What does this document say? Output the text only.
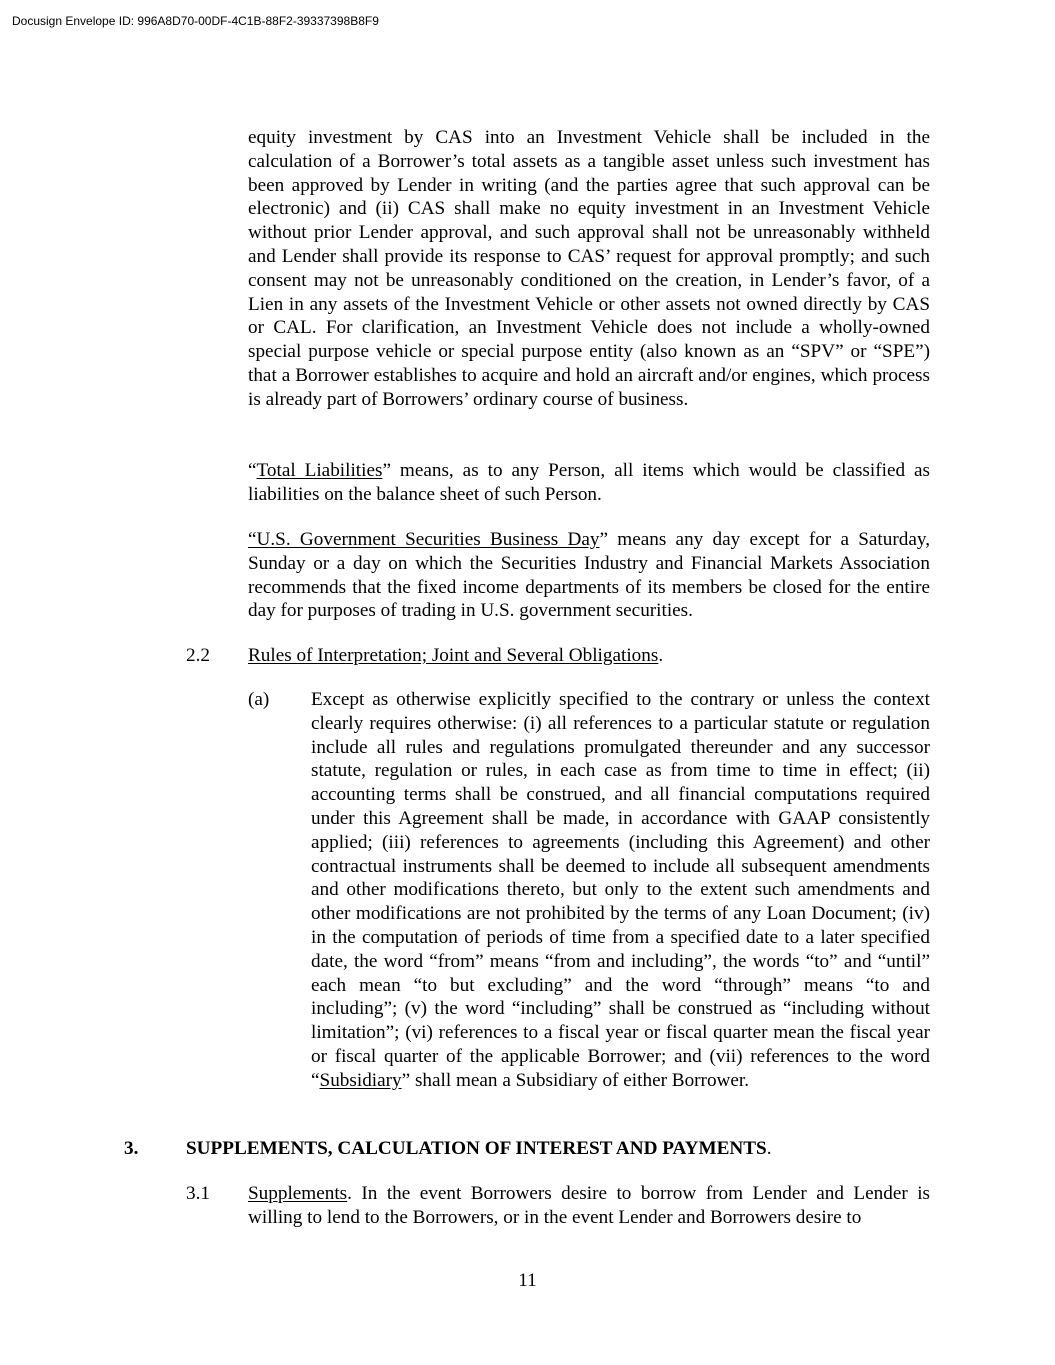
Docusign Envelope ID: 996A8D70-00DF-4C1B-88F2-39337398B8F9

equity investment by CAS into an Investment Vehicle shall be included in the calculation of a Borrower’s total assets as a tangible asset unless such investment has been approved by Lender in writing (and the parties agree that such approval can be electronic) and (ii) CAS shall make no equity investment in an Investment Vehicle without prior Lender approval, and such approval shall not be unreasonably withheld and Lender shall provide its response to CAS’ request for approval promptly; and such consent may not be unreasonably conditioned on the creation, in Lender’s favor, of a Lien in any assets of the Investment Vehicle or other assets not owned directly by CAS or CAL. For clarification, an Investment Vehicle does not include a wholly-owned special purpose vehicle or special purpose entity (also known as an “SPV” or “SPE”) that a Borrower establishes to acquire and hold an aircraft and/or engines, which process is already part of Borrowers’ ordinary course of business.

“Total Liabilities” means, as to any Person, all items which would be classified as liabilities on the balance sheet of such Person.

“U.S. Government Securities Business Day” means any day except for a Saturday, Sunday or a day on which the Securities Industry and Financial Markets Association recommends that the fixed income departments of its members be closed for the entire day for purposes of trading in U.S. government securities.

2.2 Rules of Interpretation; Joint and Several Obligations.

(a) Except as otherwise explicitly specified to the contrary or unless the context clearly requires otherwise: (i) all references to a particular statute or regulation include all rules and regulations promulgated thereunder and any successor statute, regulation or rules, in each case as from time to time in effect; (ii) accounting terms shall be construed, and all financial computations required under this Agreement shall be made, in accordance with GAAP consistently applied; (iii) references to agreements (including this Agreement) and other contractual instruments shall be deemed to include all subsequent amendments and other modifications thereto, but only to the extent such amendments and other modifications are not prohibited by the terms of any Loan Document; (iv) in the computation of periods of time from a specified date to a later specified date, the word “from” means “from and including”, the words “to” and “until” each mean “to but excluding” and the word “through” means “to and including”; (v) the word “including” shall be construed as “including without limitation”; (vi) references to a fiscal year or fiscal quarter mean the fiscal year or fiscal quarter of the applicable Borrower; and (vii) references to the word “Subsidiary” shall mean a Subsidiary of either Borrower.

3. SUPPLEMENTS, CALCULATION OF INTEREST AND PAYMENTS.

3.1 Supplements. In the event Borrowers desire to borrow from Lender and Lender is willing to lend to the Borrowers, or in the event Lender and Borrowers desire to

11
